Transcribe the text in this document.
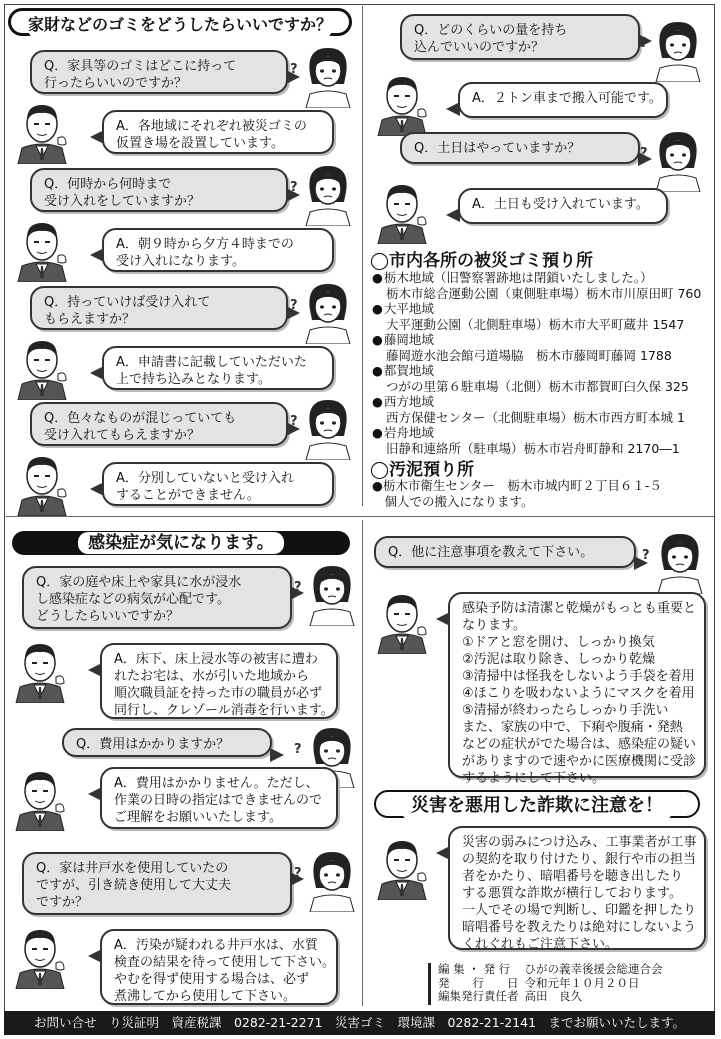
家財などのゴミをどうしたらいいですか？
感染症が気になります。
災害を悪用した詐欺に注意を！
Q．家具等のゴミはどこに持って
行ったらいいのですか？
?
A．各地域にそれぞれ被災ゴミの
仮置き場を設置しています。
Q．何時から何時まで
受け入れをしていますか？
?
A．朝９時から夕方４時までの
受け入れになります。
Q．持っていけば受け入れて
もらえますか？
?
A．申請書に記載していただいた
上で持ち込みとなります。
Q．色々なものが混じっていても
受け入れてもらえますか？
?
A．分別していないと受け入れ
することができません。
Q．どのくらいの量を持ち
込んでいいのですか？	?
A．２トン車まで搬入可能です。
Q．土日はやっていますか？	?
A．土日も受け入れています。
Q．家の庭や床上や家具に水が浸水
し感染症などの病気が心配です。
どうしたらいいですか？
?
A．床下、床上浸水等の被害に遭わ
れたお宅は、水が引いた地域から
順次職員証を持った市の職員が必ず
同行し、クレゾール消毒を行います。
Q．費用はかかりますか？	?
A．費用はかかりません。ただし、
作業の日時の指定はできませんので
ご理解をお願いいたします。
Q．家は井戸水を使用していたの
ですが、引き続き使用して大丈夫
ですか？
?
A．汚染が疑われる井戸水は、水質
検査の結果を待って使用して下さい。
やむを得ず使用する場合は、必ず
煮沸してから使用して下さい。
Q．他に注意事項を教えて下さい。	?
感染予防は清潔と乾燥がもっとも重要と
なります。
①ドアと窓を開け、しっかり換気
②汚泥は取り除き、しっかり乾燥
③清掃中は怪我をしないよう手袋を着用
④ほこりを吸わないようにマスクを着用
⑤清掃が終わったらしっかり手洗い
また、家族の中で、下痢や腹痛・発熱
などの症状がでた場合は、感染症の疑い
がありますので速やかに医療機関に受診
するようにして下さい。
災害の弱みにつけ込み、工事業者が工事
の契約を取り付けたり、銀行や市の担当
者をかたり、暗唱番号を聴き出したり
する悪質な詐欺が横行しております。
一人でその場で判断し、印鑑を押したり
暗唱番号を教えたりは絶対にしないよう
くれぐれもご注意下さい。
◯市内各所の被災ゴミ預り所
● 栃木地域（旧警察署跡地は閉鎖いたしました。）
栃木市総合運動公園（東側駐車場）栃木市川原田町 760
● 大平地域
大平運動公園（北側駐車場）栃木市大平町蔵井 1547
● 藤岡地域
藤岡遊水池会館弓道場脇　栃木市藤岡町藤岡 1788
● 都賀地域
つがの里第６駐車場（北側）栃木市都賀町臼久保 325
● 西方地域
西方保健センター（北側駐車場）栃木市西方町本城 1
● 岩舟地域
旧静和連絡所（駐車場）栃木市岩舟町静和 2170―1
◯汚泥預り所
●栃木市衛生センター　栃木市城内町２丁目６１-５
　個人での搬入になります。
編 集 ・ 発 行	ひがの義幸後援会総連合会
発　　行　　日	令和元年１０月２０日
編集発行責任者	高田　良久
お問い合せ　り災証明　資産税課　0282-21-2271　災害ゴミ　環境課　0282-21-2141　までお願いいたします。
